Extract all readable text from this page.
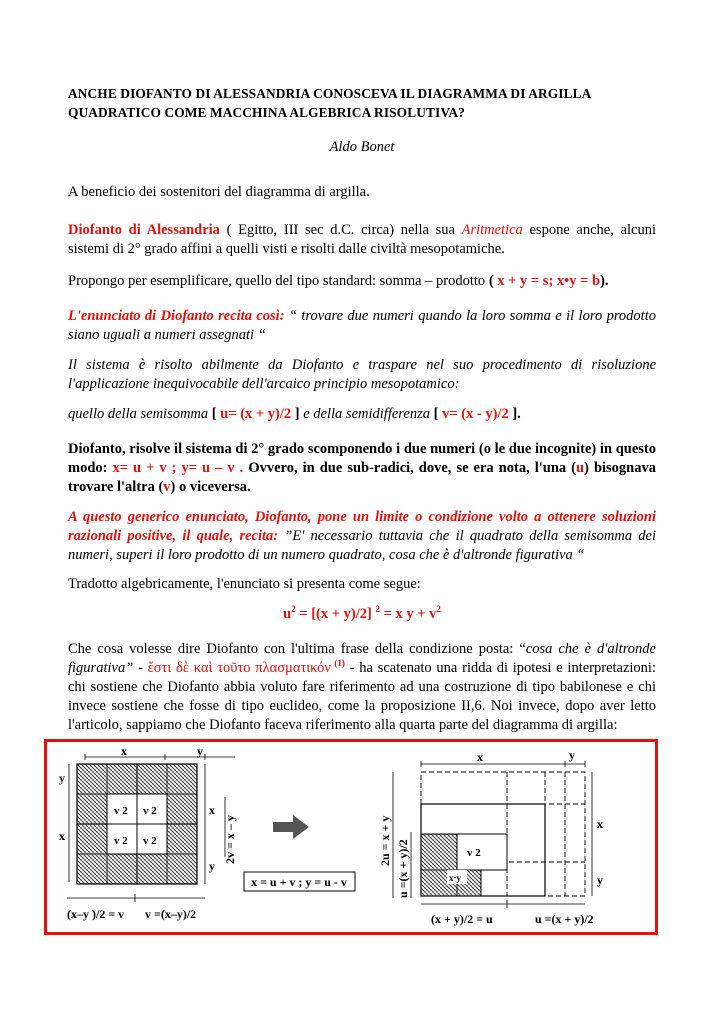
ANCHE DIOFANTO DI ALESSANDRIA CONOSCEVA IL DIAGRAMMA DI ARGILLA QUADRATICO COME MACCHINA ALGEBRICA RISOLUTIVA?
Aldo Bonet

A beneficio dei sostenitori del diagramma di argilla.

Diofanto di Alessandria ( Egitto, III sec d.C. circa) nella sua Aritmetica espone anche, alcuni sistemi di 2° grado affini a quelli visti e risolti dalle civiltà mesopotamiche.

Propongo per esemplificare, quello del tipo standard: somma – prodotto ( x + y = s; x•y = b).

L'enunciato di Diofanto recita così: “ trovare due numeri quando la loro somma e il loro prodotto siano uguali a numeri assegnati “

Il sistema è risolto abilmente da Diofanto e traspare nel suo procedimento di risoluzione l'applicazione inequivocabile dell'arcaico principio mesopotamico:

quello della semisomma [ u= (x + y)/2 ] e della semidifferenza [ v= (x - y)/2 ].

Diofanto, risolve il sistema di 2° grado scomponendo i due numeri (o le due incognite) in questo modo: x= u + v ; y= u – v . Ovvero, in due sub-radici, dove, se era nota, l'una (u) bisognava trovare l'altra (v) o viceversa.

A questo generico enunciato, Diofanto, pone un limite o condizione volto a ottenere soluzioni razionali positive, il quale, recita: ”E' necessario tuttavia che il quadrato della semisomma dei numeri, superi il loro prodotto di un numero quadrato, cosa che è d'altronde figurativa “

Tradotto algebricamente, l'enunciato si presenta come segue:

$u^2 = [(x + y)/2] ^2 = x$ $y + v^2$

Che cosa volesse dire Diofanto con l'ultima frase della condizione posta: “cosa che è d'altronde figurativa” - ἔστι δὲ καὶ τοῦτο πλασματικόν $^{(1)}$ - ha scatenato una ridda di ipotesi e interpretazioni: chi sostiene che Diofanto abbia voluto fare riferimento ad una costruzione di tipo babilonese e chi invece sostiene che fosse di tipo euclideo, come la proposizione II,6. Noi invece, dopo aver letto l'articolo, sappiamo che Diofanto faceva riferimento alla quarta parte del diagramma di argilla:

x	y
y
x
v 2 v 2
v 2 v 2
x
y
2v = x – y
(x–y )/2 = v v =(x–y)/2
x = u + v ; y = u - v
x	y
2u = x + y u =(x + y)/2	v 2
x·y
x
y
(x + y)/2 = u	u =(x + y)/2
